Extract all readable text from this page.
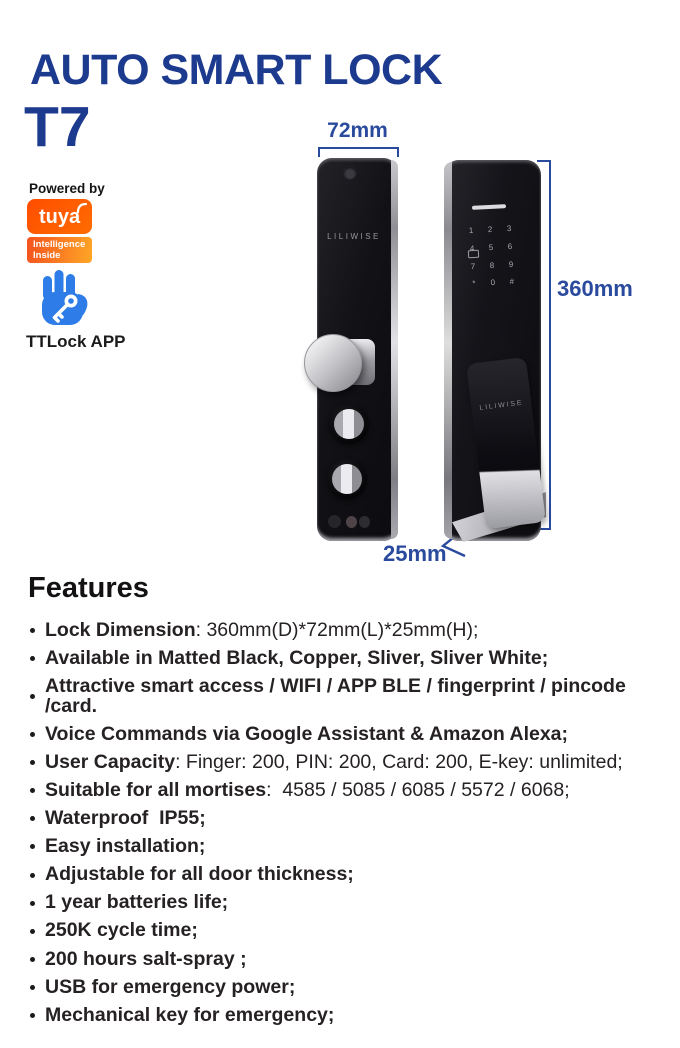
AUTO SMART LOCK
T7
Powered by
tuya
Intelligence
Inside
TTLock APP
72mm
360mm
25mm
LILIWISE
1 2 3
4 5 6
7 8 9
* 0 #
LILIWISE
Features
Lock Dimension : 360mm(D)*72mm(L)*25mm(H);
Available in Matted Black, Copper, Sliver, Sliver White;
Attractive smart access / WIFI / APP BLE / fingerprint / pincode /card.
Voice Commands via Google Assistant & Amazon Alexa;
User Capacity : Finger: 200, PIN: 200, Card: 200, E-key: unlimited;
Suitable for all mortises :  4585 / 5085 / 6085 / 5572 / 6068;
Waterproof  IP55;
Easy installation;
Adjustable for all door thickness;
1 year batteries life;
250K cycle time;
200 hours salt-spray ;
USB for emergency power;
Mechanical key for emergency;
